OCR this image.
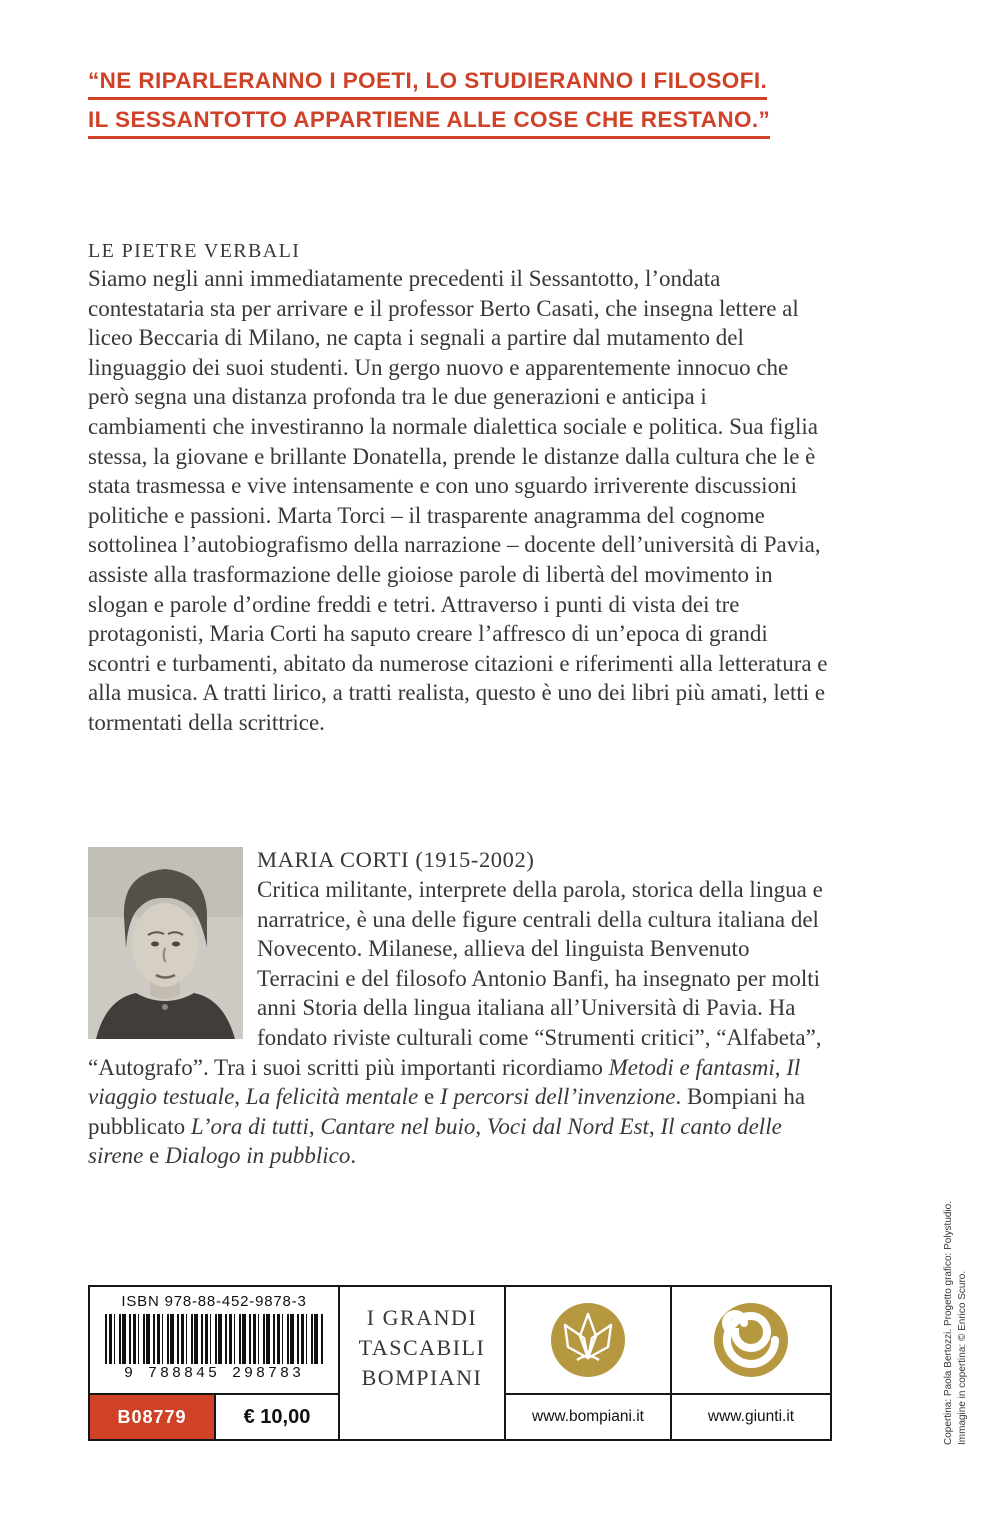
“NE RIPARLERANNO I POETI, LO STUDIERANNO I FILOSOFI.
IL SESSANTOTTO APPARTIENE ALLE COSE CHE RESTANO.”
LE PIETRE VERBALI

Siamo negli anni immediatamente precedenti il Sessantotto, l’ondata contestataria sta per arrivare e il professor Berto Casati, che insegna lettere al liceo Beccaria di Milano, ne capta i segnali a partire dal mutamento del linguaggio dei suoi studenti. Un gergo nuovo e apparentemente innocuo che però segna una distanza profonda tra le due generazioni e anticipa i cambiamenti che investiranno la normale dialettica sociale e politica. Sua figlia stessa, la giovane e brillante Donatella, prende le distanze dalla cultura che le è stata trasmessa e vive intensamente e con uno sguardo irriverente discussioni politiche e passioni. Marta Torci – il trasparente anagramma del cognome sottolinea l’autobiografismo della narrazione – docente dell’università di Pavia, assiste alla trasformazione delle gioiose parole di libertà del movimento in slogan e parole d’ordine freddi e tetri. Attraverso i punti di vista dei tre protagonisti, Maria Corti ha saputo creare l’affresco di un’epoca di grandi scontri e turbamenti, abitato da numerose citazioni e riferimenti alla letteratura e alla musica. A tratti lirico, a tratti realista, questo è uno dei libri più amati, letti e tormentati della scrittrice.

MARIA CORTI (1915-2002)

Critica militante, interprete della parola, storica della lingua e narratrice, è una delle figure centrali della cultura italiana del Novecento. Milanese, allieva del linguista Benvenuto Terracini e del filosofo Antonio Banfi, ha insegnato per molti anni Storia della lingua italiana all’Università di Pavia. Ha fondato riviste culturali come “Strumenti critici”, “Alfabeta”, “Autografo”. Tra i suoi scritti più importanti ricordiamo Metodi e fantasmi, Il viaggio testuale, La felicità mentale e I percorsi dell’invenzione. Bompiani ha pubblicato L’ora di tutti, Cantare nel buio, Voci dal Nord Est, Il canto delle sirene e Dialogo in pubblico.

ISBN 978-88-452-9878-3
9 788845 298783
B08779	€ 10,00
I GRANDI
TASCABILI
BOMPIANI
www.bompiani.it	www.giunti.it	Copertina: Paola Bertozzi. Progetto grafico: Polystudio. Immagine in copertina: © Enrico Scuro.
